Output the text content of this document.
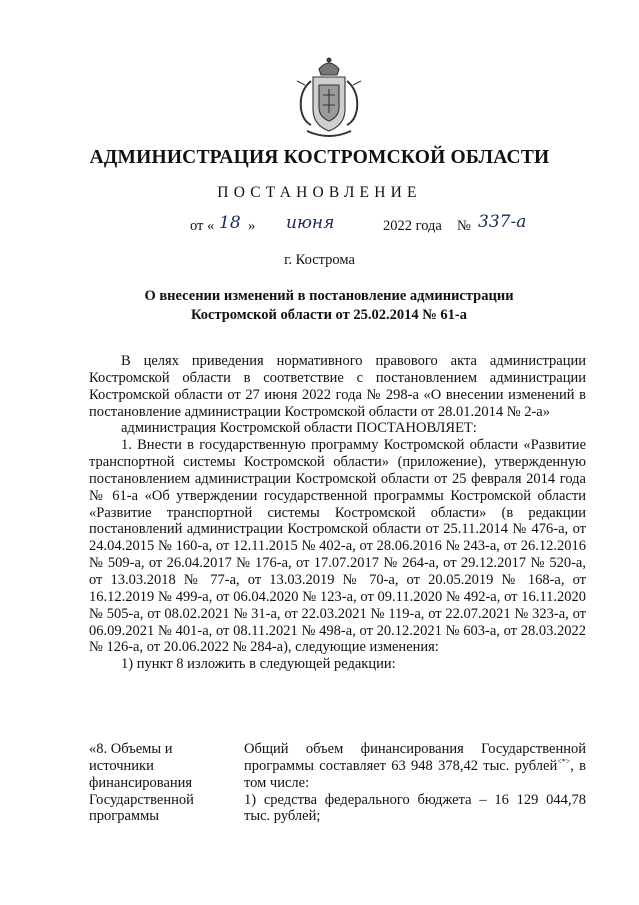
АДМИНИСТРАЦИЯ КОСТРОМСКОЙ ОБЛАСТИ
ПОСТАНОВЛЕНИЕ
от « 18 » июня	2022 года № 337-а
г. Кострома
О внесении изменений в постановление администрации
Костромской области от 25.02.2014 № 61-а

В целях приведения нормативного правового акта администрации Костромской области в соответствие с постановлением администрации Костромской области от 27 июня 2022 года № 298-а «О внесении изменений в постановление администрации Костромской области от 28.01.2014 № 2-а»

администрация Костромской области ПОСТАНОВЛЯЕТ:

1. Внести в государственную программу Костромской области «Развитие транспортной системы Костромской области» (приложение), утвержденную постановлением администрации Костромской области от 25 февраля 2014 года № 61-а «Об утверждении государственной программы Костромской области «Развитие транспортной системы Костромской области» (в редакции постановлений администрации Костромской области от 25.11.2014 № 476-а, от 24.04.2015 № 160-а, от 12.11.2015 № 402-а, от 28.06.2016 № 243-а, от 26.12.2016 № 509-а, от 26.04.2017 № 176-а, от 17.07.2017 № 264-а, от 29.12.2017 № 520-а, от 13.03.2018 № 77-а, от 13.03.2019 № 70-а, от 20.05.2019 № 168-а, от 16.12.2019 № 499-а, от 06.04.2020 № 123-а, от 09.11.2020 № 492-а, от 16.11.2020 № 505-а, от 08.02.2021 № 31-а, от 22.03.2021 № 119-а, от 22.07.2021 № 323-а, от 06.09.2021 № 401-а, от 08.11.2021 № 498-а, от 20.12.2021 № 603-а, от 28.03.2022 № 126-а, от 20.06.2022 № 284-а), следующие изменения:

1) пункт 8 изложить в следующей редакции:

«8. Объемы и
источники
финансирования
Государственной
программы

Общий объем финансирования Государственной программы составляет 63 948 378,42 тыс. рублей<*>, в том числе:

1) средства федерального бюджета – 16 129 044,78 тыс. рублей;
